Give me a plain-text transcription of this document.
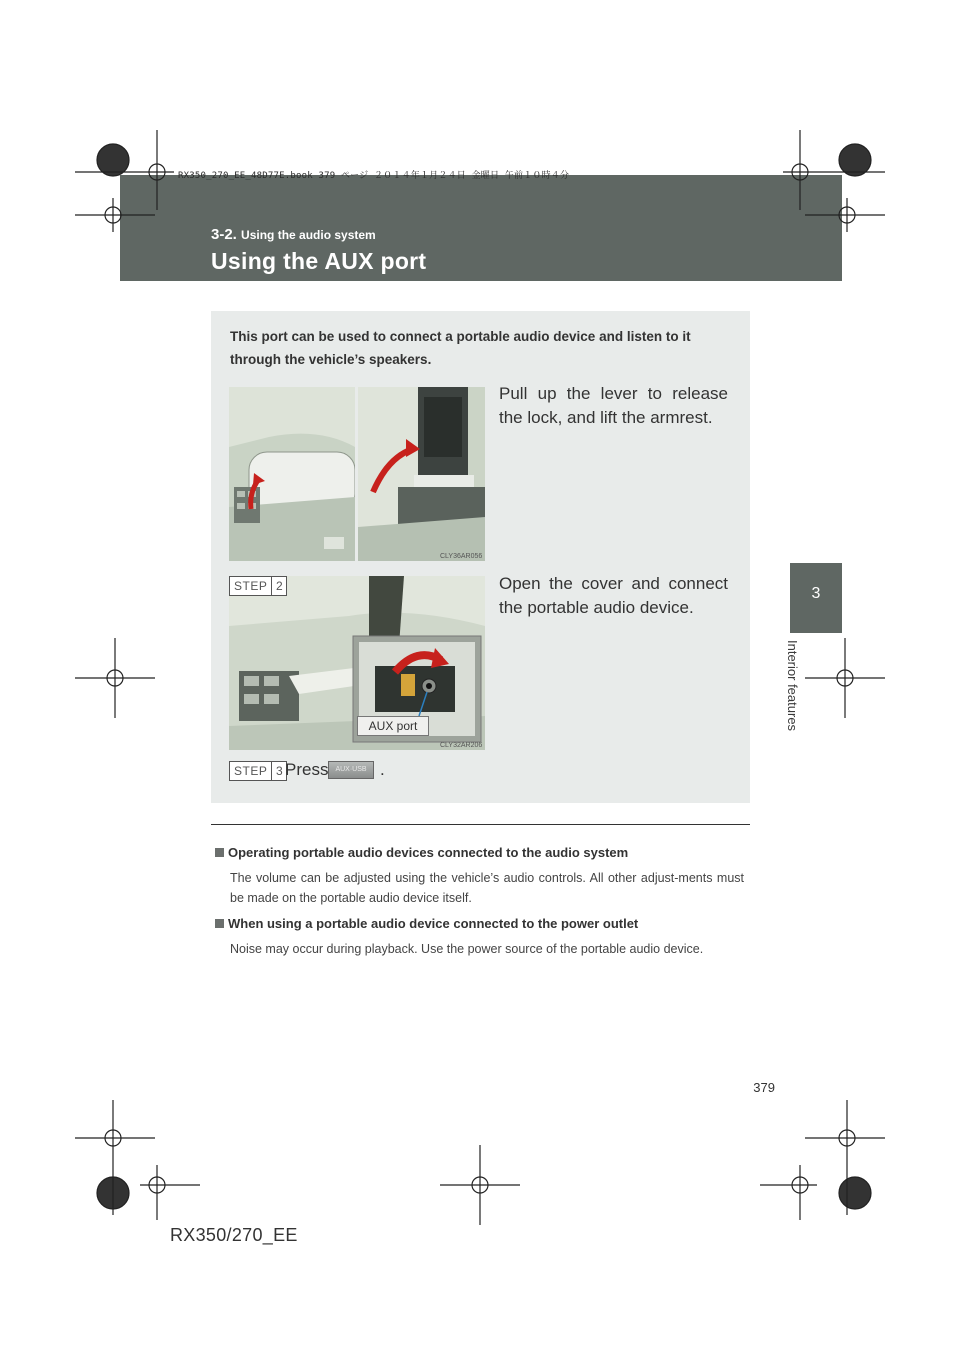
RX350_270_EE_48D77E.book 379 ページ ２０１４年１月２４日 金曜日 午前１０時４分
3-2. Using the audio system
Using the AUX port
3
Interior features
This port can be used to connect a portable audio device and listen to it through the vehicle’s speakers.
CLY36AR056
Pull up the lever to release the lock, and lift the armrest.
STEP 2
AUX port
CLY32AR206
Open the cover and connect the portable audio device.
STEP 3 Press AUX·USB .
Operating portable audio devices connected to the audio system
The volume can be adjusted using the vehicle’s audio controls. All other adjust-ments must be made on the portable audio device itself.
When using a portable audio device connected to the power outlet
Noise may occur during playback. Use the power source of the portable audio device.
379
RX350/270_EE
